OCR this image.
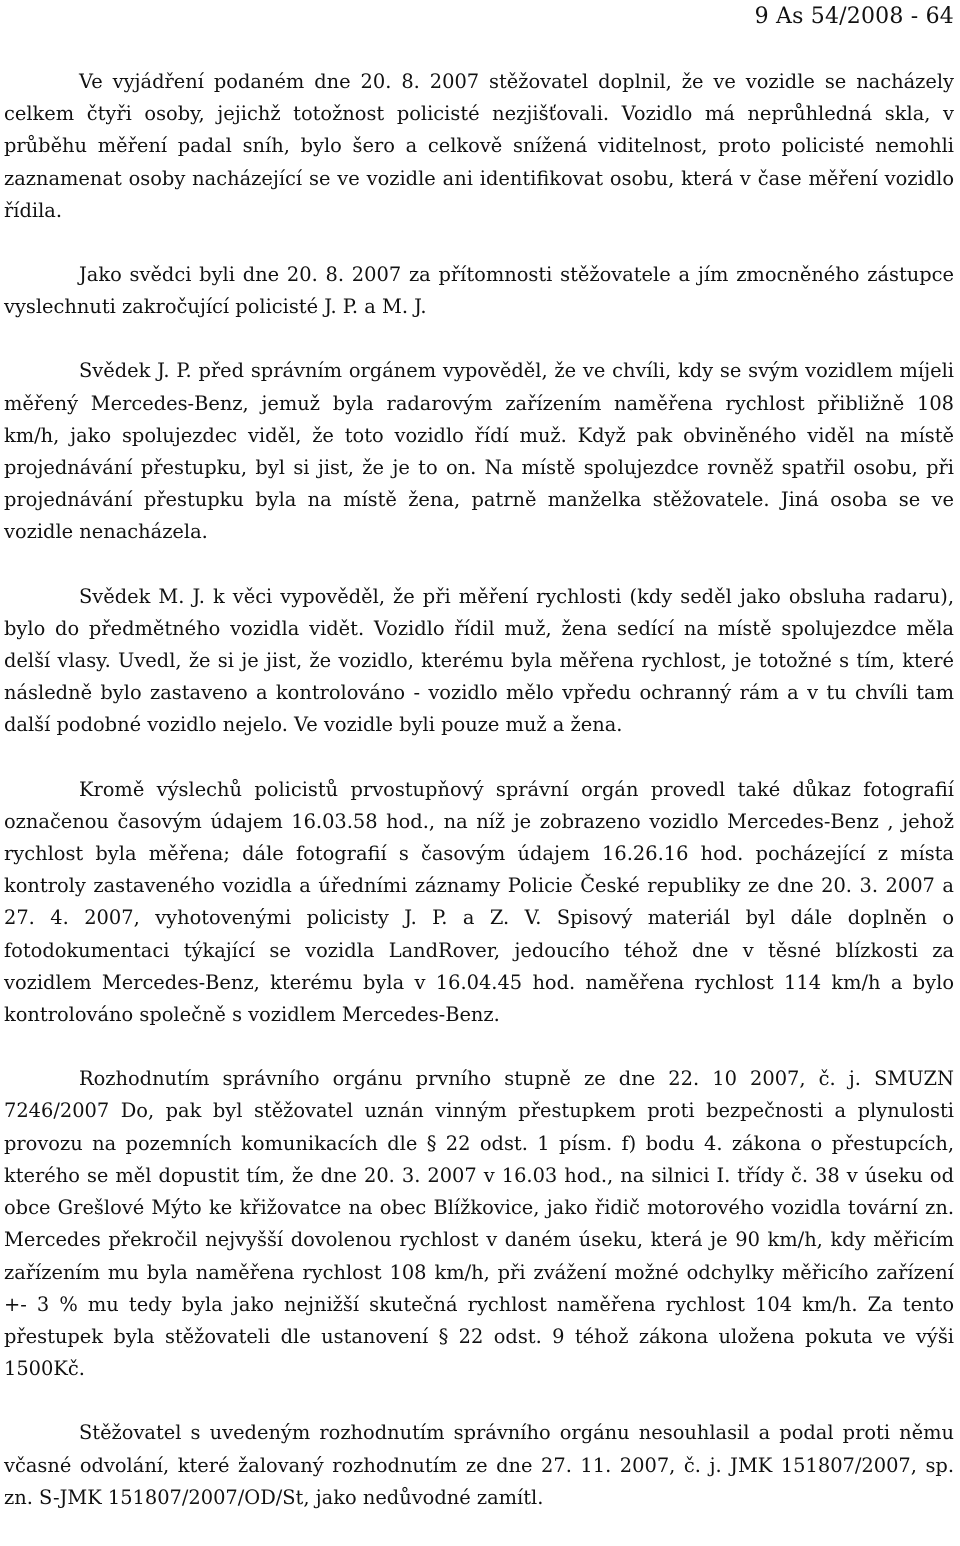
9 As 54/2008 - 64

Ve vyjádření podaném dne 20. 8. 2007 stěžovatel doplnil, že ve vozidle se nacházely celkem čtyři osoby, jejichž totožnost policisté nezjišťovali. Vozidlo má neprůhledná skla, v průběhu měření padal sníh, bylo šero a celkově snížená viditelnost, proto policisté nemohli zaznamenat osoby nacházející se ve vozidle ani identifikovat osobu, která v čase měření vozidlo řídila.

Jako svědci byli dne 20. 8. 2007 za přítomnosti stěžovatele a jím zmocněného zástupce vyslechnuti zakročující policisté J. P. a M. J.

Svědek J. P. před správním orgánem vypověděl, že ve chvíli, kdy se svým vozidlem míjeli měřený Mercedes-Benz, jemuž byla radarovým zařízením naměřena rychlost přibližně 108 km/h, jako spolujezdec viděl, že toto vozidlo řídí muž. Když pak obviněného viděl na místě projednávání přestupku, byl si jist, že je to on. Na místě spolujezdce rovněž spatřil osobu, při projednávání přestupku byla na místě žena, patrně manželka stěžovatele. Jiná osoba se ve vozidle nenacházela.

Svědek M. J. k věci vypověděl, že při měření rychlosti (kdy seděl jako obsluha radaru), bylo do předmětného vozidla vidět. Vozidlo řídil muž, žena sedící na místě spolujezdce měla delší vlasy. Uvedl, že si je jist, že vozidlo, kterému byla měřena rychlost, je totožné s tím, které následně bylo zastaveno a kontrolováno - vozidlo mělo vpředu ochranný rám a v tu chvíli tam další podobné vozidlo nejelo. Ve vozidle byli pouze muž a žena.

Kromě výslechů policistů prvostupňový správní orgán provedl také důkaz fotografií označenou časovým údajem 16.03.58 hod., na níž je zobrazeno vozidlo Mercedes-Benz , jehož rychlost byla měřena; dále fotografií s časovým údajem 16.26.16 hod. pocházející z místa kontroly zastaveného vozidla a úředními záznamy Policie České republiky ze dne 20. 3. 2007 a 27. 4. 2007, vyhotovenými policisty J. P. a Z. V. Spisový materiál byl dále doplněn o fotodokumentaci týkající se vozidla LandRover, jedoucího téhož dne v těsné blízkosti za vozidlem Mercedes-Benz, kterému byla v 16.04.45 hod. naměřena rychlost 114 km/h a bylo kontrolováno společně s vozidlem Mercedes-Benz.

Rozhodnutím správního orgánu prvního stupně ze dne 22. 10 2007, č. j. SMUZN 7246/2007 Do, pak byl stěžovatel uznán vinným přestupkem proti bezpečnosti a plynulosti provozu na pozemních komunikacích dle § 22 odst. 1 písm. f) bodu 4. zákona o přestupcích, kterého se měl dopustit tím, že dne 20. 3. 2007 v 16.03 hod., na silnici I. třídy č. 38 v úseku od obce Grešlové Mýto ke křižovatce na obec Blížkovice, jako řidič motorového vozidla tovární zn. Mercedes překročil nejvyšší dovolenou rychlost v daném úseku, která je 90 km/h, kdy měřicím zařízením mu byla naměřena rychlost 108 km/h, při zvážení možné odchylky měřicího zařízení +- 3 % mu tedy byla jako nejnižší skutečná rychlost naměřena rychlost 104 km/h. Za tento přestupek byla stěžovateli dle ustanovení § 22 odst. 9 téhož zákona uložena pokuta ve výši 1500Kč.

Stěžovatel s uvedeným rozhodnutím správního orgánu nesouhlasil a podal proti němu včasné odvolání, které žalovaný rozhodnutím ze dne 27. 11. 2007, č. j. JMK 151807/2007, sp. zn. S-JMK 151807/2007/OD/St, jako nedůvodné zamítl.
